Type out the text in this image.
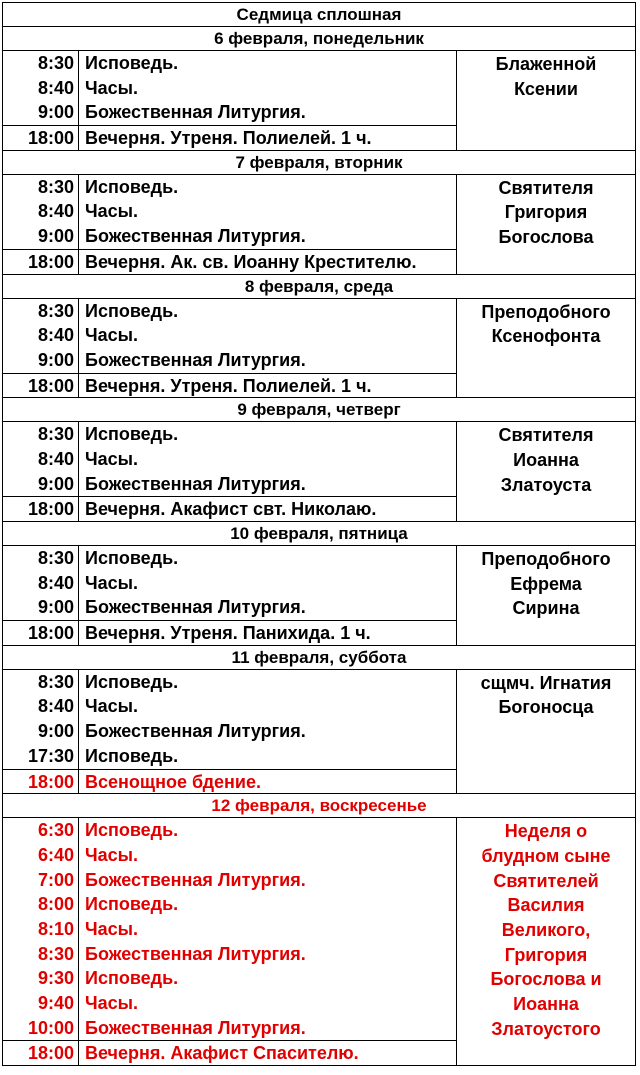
Седмица сплошная
6 февраля, понедельник
8:30
8:40
9:00
18:00
Исповедь.
Часы.
Божественная Литургия.
Вечерня. Утреня. Полиелей. 1 ч.
Блаженной
Ксении
7 февраля, вторник
8:30
8:40
9:00
18:00
Исповедь.
Часы.
Божественная Литургия.
Вечерня. Ак. св. Иоанну Крестителю.
Святителя
Григория
Богослова
8 февраля, среда
8:30
8:40
9:00
18:00
Исповедь.
Часы.
Божественная Литургия.
Вечерня. Утреня. Полиелей. 1 ч.
Преподобного
Ксенофонта
9 февраля, четверг
8:30
8:40
9:00
18:00
Исповедь.
Часы.
Божественная Литургия.
Вечерня. Акафист свт. Николаю.
Святителя
Иоанна
Златоуста
10 февраля, пятница
8:30
8:40
9:00
18:00
Исповедь.
Часы.
Божественная Литургия.
Вечерня. Утреня. Панихида. 1 ч.
Преподобного
Ефрема
Сирина
11 февраля, суббота
8:30
8:40
9:00
17:30
18:00
Исповедь.
Часы.
Божественная Литургия.
Исповедь.
Всенощное бдение.
сщмч. Игнатия
Богоносца
12 февраля, воскресенье
6:30
6:40
7:00
8:00
8:10
8:30
9:30
9:40
10:00
18:00
Исповедь.
Часы.
Божественная Литургия.
Исповедь.
Часы.
Божественная Литургия.
Исповедь.
Часы.
Божественная Литургия.
Вечерня. Акафист Спасителю.
Неделя о
блудном сыне
Святителей
Василия
Великого,
Григория
Богослова и
Иоанна
Златоустого
